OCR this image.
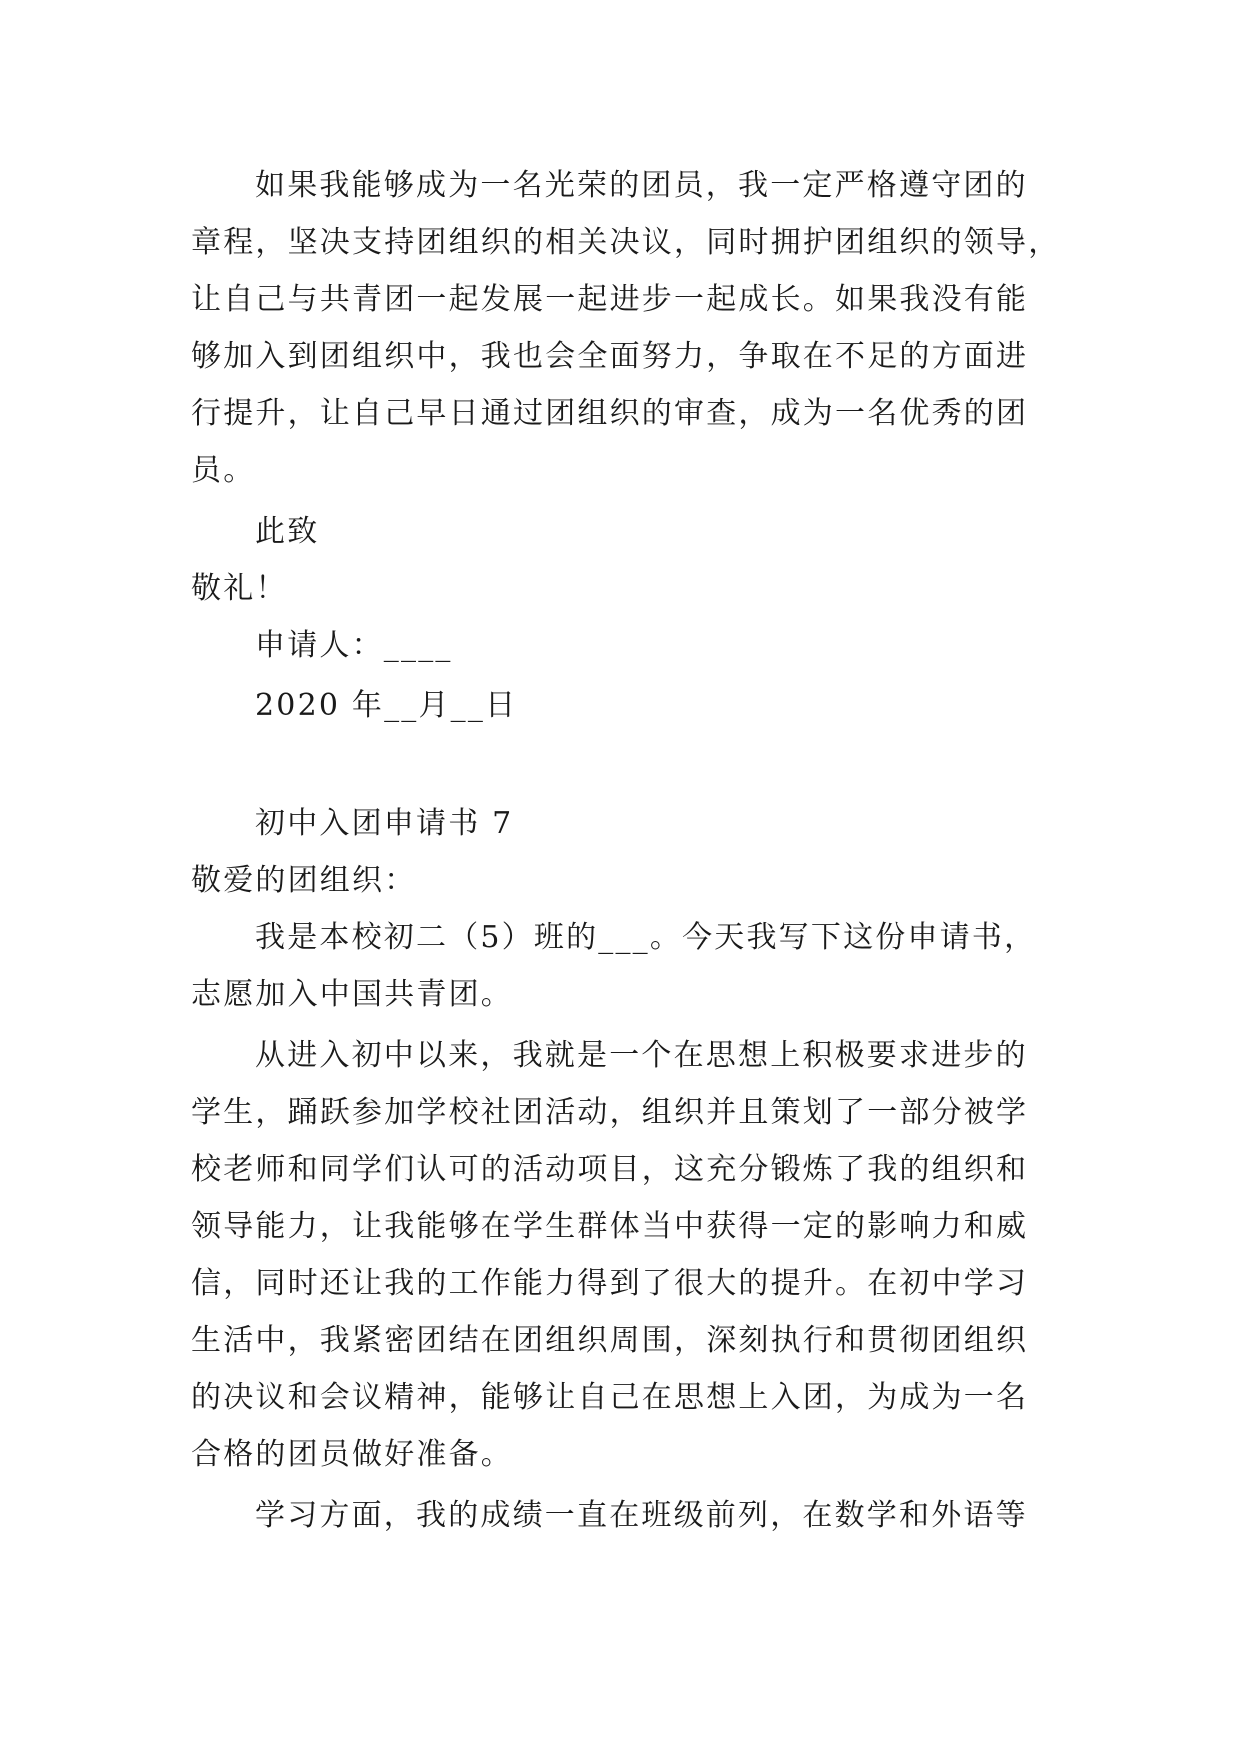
如果我能够成为一名光荣的团员，我一定严格遵守团的
章程，坚决支持团组织的相关决议，同时拥护团组织的领导，
让自己与共青团一起发展一起进步一起成长。如果我没有能
够加入到团组织中，我也会全面努力，争取在不足的方面进
行提升，让自己早日通过团组织的审查，成为一名优秀的团
员。
此致
敬礼！
申请人：____
2020 年__月__日
初中入团申请书 7
敬爱的团组织：
我是本校初二（5）班的___。今天我写下这份申请书，
志愿加入中国共青团。
从进入初中以来，我就是一个在思想上积极要求进步的
学生，踊跃参加学校社团活动，组织并且策划了一部分被学
校老师和同学们认可的活动项目，这充分锻炼了我的组织和
领导能力，让我能够在学生群体当中获得一定的影响力和威
信，同时还让我的工作能力得到了很大的提升。在初中学习
生活中，我紧密团结在团组织周围，深刻执行和贯彻团组织
的决议和会议精神，能够让自己在思想上入团，为成为一名
合格的团员做好准备。
学习方面，我的成绩一直在班级前列，在数学和外语等
